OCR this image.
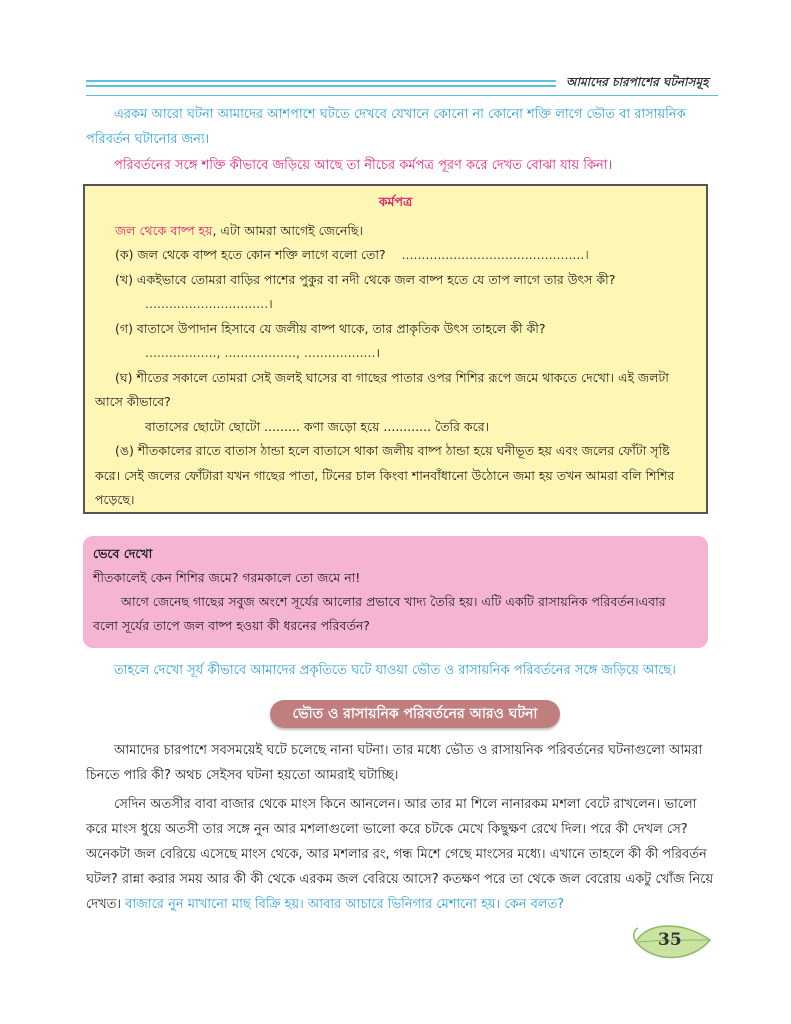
আমাদের চারপাশের ঘটনাসমূহ
এরকম আরো ঘটনা আমাদের আশপাশে ঘটতে দেখবে যেখানে কোনো না কোনো শক্তি লাগে ভৌত বা রাসায়নিক পরিবর্তন ঘটানোর জন্য।
পরিবর্তনের সঙ্গে শক্তি কীভাবে জড়িয়ে আছে তা নীচের কর্মপত্র পূরণ করে দেখত বোঝা যায় কিনা।
কর্মপত্র
জল থেকে বাষ্প হয়, এটা আমরা আগেই জেনেছি।
(ক) জল থেকে বাষ্প হতে কোন শক্তি লাগে বলো তো? ..............................................।
(খ) একইভাবে তোমরা বাড়ির পাশের পুকুর বা নদী থেকে জল বাষ্প হতে যে তাপ লাগে তার উৎস কী?
...............................।
(গ) বাতাসে উপাদান হিসাবে যে জলীয় বাষ্প থাকে, তার প্রাকৃতিক উৎস তাহলে কী কী?
.................., .................., ..................।
(ঘ) শীতের সকালে তোমরা সেই জলই ঘাসের বা গাছের পাতার ওপর শিশির রূপে জমে থাকতে দেখো। এই জলটা
আসে কীভাবে?
বাতাসের ছোটো ছোটো ......... কণা জড়ো হয়ে ............ তৈরি করে।
(ঙ) শীতকালের রাতে বাতাস ঠান্ডা হলে বাতাসে থাকা জলীয় বাষ্প ঠান্ডা হয়ে ঘনীভূত হয় এবং জলের ফোঁটা সৃষ্টি
করে। সেই জলের ফোঁটারা যখন গাছের পাতা, টিনের চাল কিংবা শানবাঁধানো উঠোনে জমা হয় তখন আমরা বলি শিশির
পড়েছে।
ভেবে দেখো
শীতকালেই কেন শিশির জমে? গরমকালে তো জমে না!
আগে জেনেছ গাছের সবুজ অংশে সূর্যের আলোর প্রভাবে খাদ্য তৈরি হয়। এটি একটি রাসায়নিক পরিবর্তন।এবার
বলো সূর্যের তাপে জল বাষ্প হওয়া কী ধরনের পরিবর্তন?
তাহলে দেখো সূর্য কীভাবে আমাদের প্রকৃতিতে ঘটে যাওয়া ভৌত ও রাসায়নিক পরিবর্তনের সঙ্গে জড়িয়ে আছে।
ভৌত ও রাসায়নিক পরিবর্তনের আরও ঘটনা
আমাদের চারপাশে সবসময়েই ঘটে চলেছে নানা ঘটনা। তার মধ্যে ভৌত ও রাসায়নিক পরিবর্তনের ঘটনাগুলো আমরা
চিনতে পারি কী? অথচ সেইসব ঘটনা হয়তো আমরাই ঘটাচ্ছি।
সেদিন অতসীর বাবা বাজার থেকে মাংস কিনে আনলেন। আর তার মা শিলে নানারকম মশলা বেটে রাখলেন। ভালো
করে মাংস ধুয়ে অতসী তার সঙ্গে নুন আর মশলাগুলো ভালো করে চটকে মেখে কিছুক্ষণ রেখে দিল। পরে কী দেখল সে?
অনেকটা জল বেরিয়ে এসেছে মাংস থেকে, আর মশলার রং, গন্ধ মিশে গেছে মাংসের মধ্যে। এখানে তাহলে কী কী পরিবর্তন
ঘটল? রান্না করার সময় আর কী কী থেকে এরকম জল বেরিয়ে আসে? কতক্ষণ পরে তা থেকে জল বেরোয় একটু খোঁজ নিয়ে
দেখত। বাজারে নুন মাখানো মাছ বিক্রি হয়। আবার আচারে ভিনিগার মেশানো হয়। কেন বলত?
35
